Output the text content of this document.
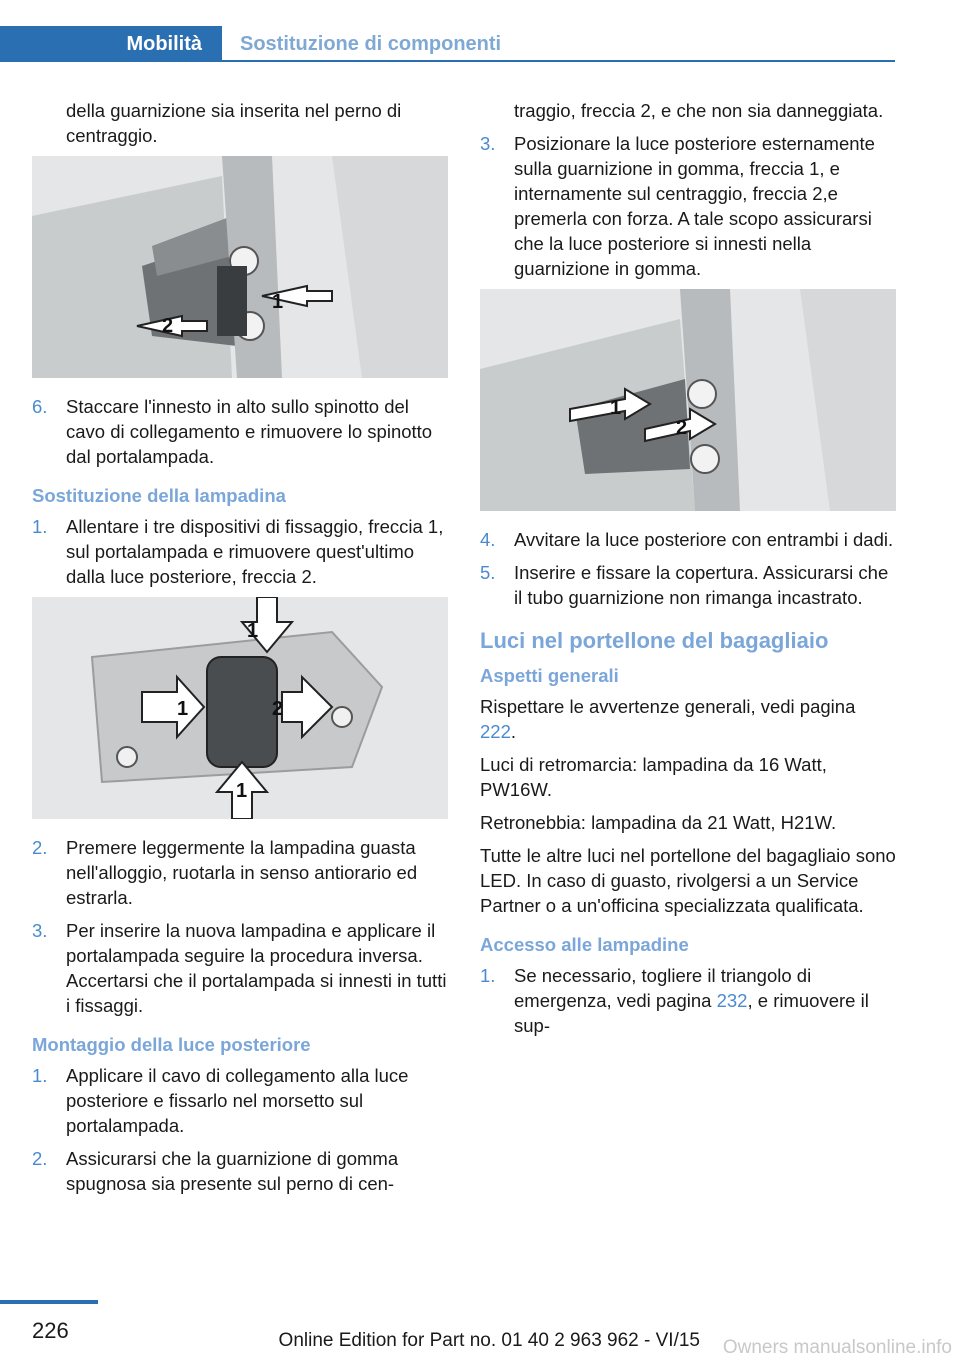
Mobilità Sostituzione di componenti

della guarnizione sia inserita nel perno di centraggio.

1
2
6.	Staccare l'innesto in alto sullo spinotto del cavo di collegamento e rimuovere lo spinotto dal portalampada.
Sostituzione della lampadina
1.	Allentare i tre dispositivi di fissaggio, freccia 1, sul portalampada e rimuovere quest'ultimo dalla luce posteriore, freccia 2.
1
1	2
1
2.	Premere leggermente la lampadina guasta nell'alloggio, ruotarla in senso antiorario ed estrarla.
3.	Per inserire la nuova lampadina e applicare il portalampada seguire la procedura inversa. Accertarsi che il portalampada si innesti in tutti i fissaggi.
Montaggio della luce posteriore
1.	Applicare il cavo di collegamento alla luce posteriore e fissarlo nel morsetto sul portalampada.
2.	Assicurarsi che la guarnizione di gomma spugnosa sia presente sul perno di cen-

traggio, freccia 2, e che non sia danneggiata.

3.	Posizionare la luce posteriore esternamente sulla guarnizione in gomma, freccia 1, e internamente sul centraggio, freccia 2,e premerla con forza. A tale scopo assicurarsi che la luce posteriore si innesti nella guarnizione in gomma.
1
2
4.	Avvitare la luce posteriore con entrambi i dadi.
5.	Inserire e fissare la copertura. Assicurarsi che il tubo guarnizione non rimanga incastrato.
Luci nel portellone del bagagliaio
Aspetti generali

Rispettare le avvertenze generali, vedi pagina 222.

Luci di retromarcia: lampadina da 16 Watt, PW16W.

Retronebbia: lampadina da 21 Watt, H21W.

Tutte le altre luci nel portellone del bagagliaio sono LED. In caso di guasto, rivolgersi a un Service Partner o a un'officina specializzata qualificata.

Accesso alle lampadine
1.	Se necessario, togliere il triangolo di emergenza, vedi pagina 232, e rimuovere il sup-
226	Online Edition for Part no. 01 40 2 963 962 - VI/15 Owners manualsonline.info
